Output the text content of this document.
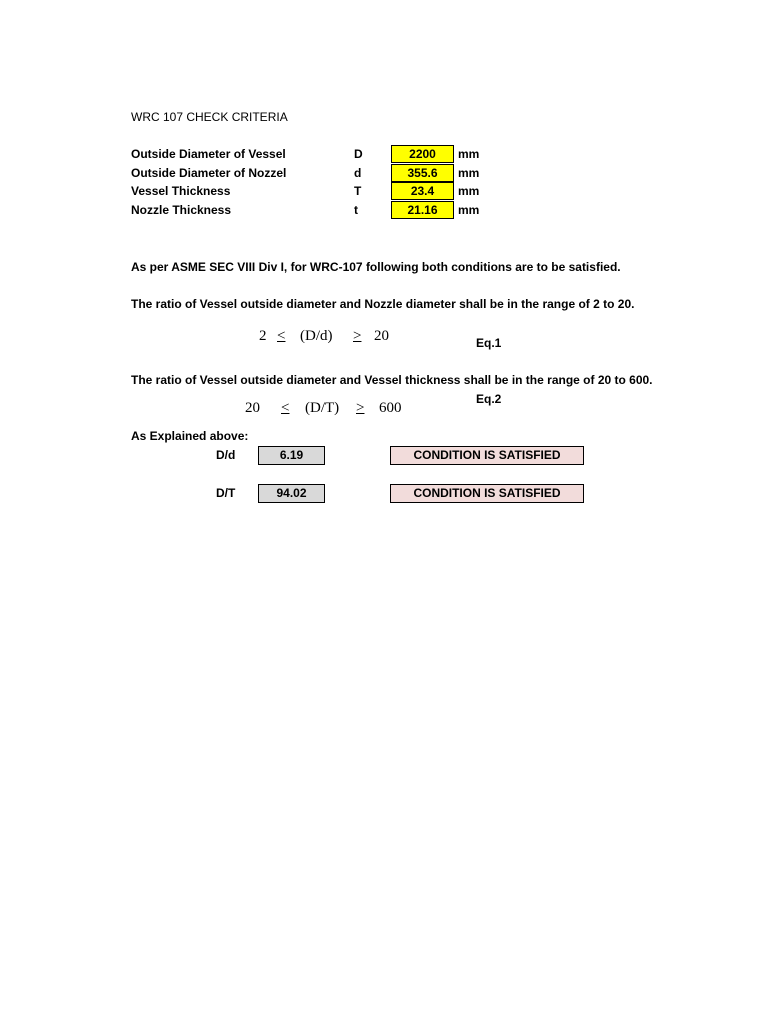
WRC 107 CHECK CRITERIA
Outside Diameter of Vessel	D	2200	mm
Outside Diameter of Nozzel	d	355.6	mm
Vessel Thickness	T	23.4	mm
Nozzle Thickness	t	21.16	mm
As per ASME SEC VIII Div I, for WRC-107 following both conditions are to be satisfied.
The ratio of Vessel outside diameter and Nozzle diameter shall be in the range of 2 to 20.
2 < (D/d) > 20	Eq.1
The ratio of Vessel outside diameter and Vessel thickness shall be in the range of 20 to 600.
Eq.2
20 < (D/T) > 600
As Explained above:
D/d	6.19	CONDITION IS SATISFIED
D/T	94.02	CONDITION IS SATISFIED
